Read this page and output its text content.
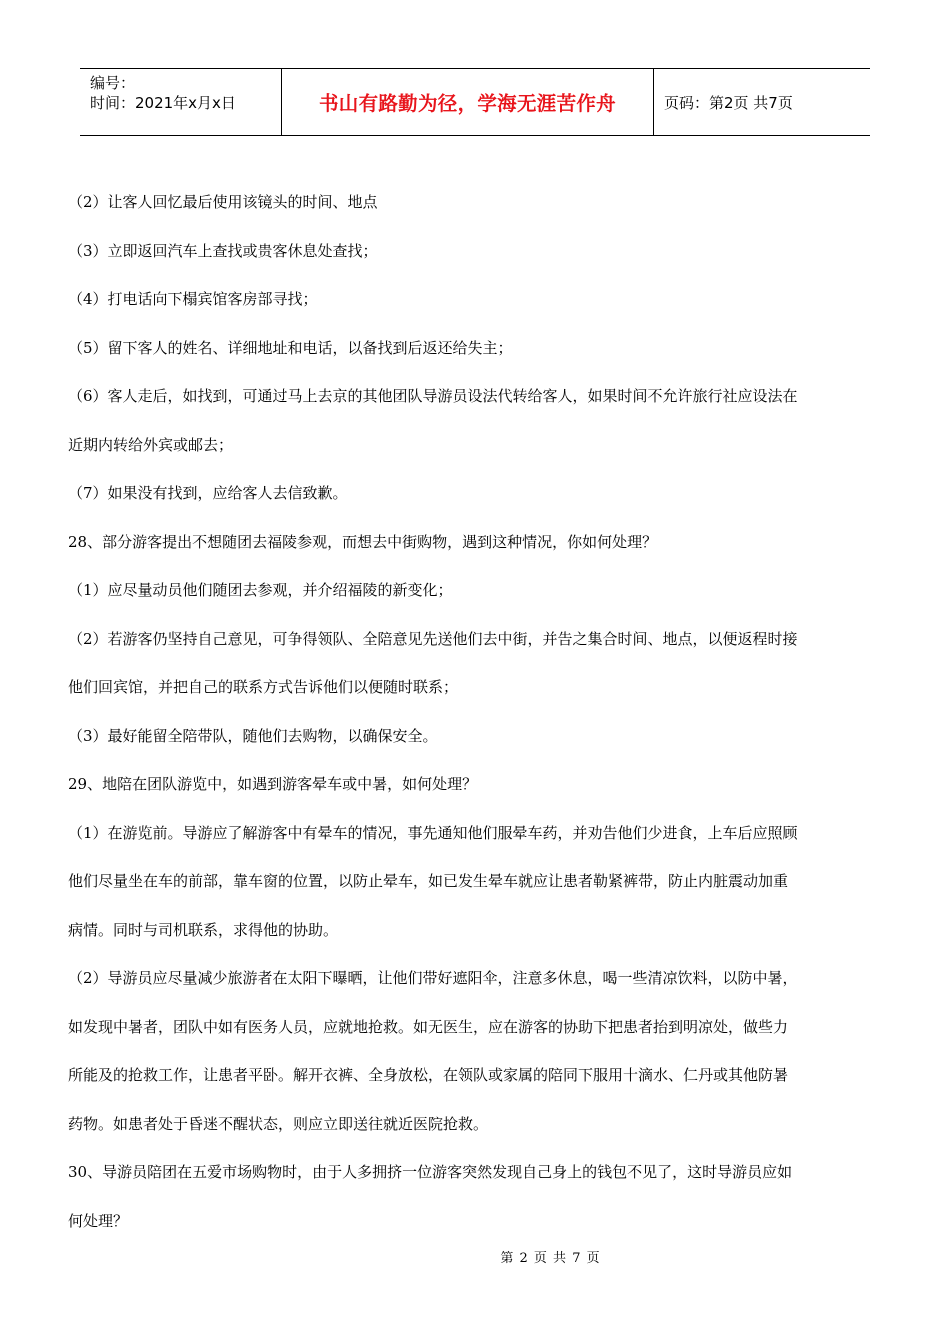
编号：
时间：2021年x月x日	书山有路勤为径，学海无涯苦作舟	页码：第2页 共7页

（2）让客人回忆最后使用该镜头的时间、地点

（3）立即返回汽车上查找或贵客休息处查找；

（4）打电话向下榻宾馆客房部寻找；

（5）留下客人的姓名、详细地址和电话，以备找到后返还给失主；

（6）客人走后，如找到，可通过马上去京的其他团队导游员设法代转给客人，如果时间不允许旅行社应设法在

近期内转给外宾或邮去；

（7）如果没有找到，应给客人去信致歉。

28、部分游客提出不想随团去福陵参观，而想去中街购物，遇到这种情况，你如何处理？

（1）应尽量动员他们随团去参观，并介绍福陵的新变化；

（2）若游客仍坚持自己意见，可争得领队、全陪意见先送他们去中街，并告之集合时间、地点，以便返程时接

他们回宾馆，并把自己的联系方式告诉他们以便随时联系；

（3）最好能留全陪带队，随他们去购物，以确保安全。

29、地陪在团队游览中，如遇到游客晕车或中暑，如何处理？

（1）在游览前。导游应了解游客中有晕车的情况，事先通知他们服晕车药，并劝告他们少进食，上车后应照顾

他们尽量坐在车的前部，靠车窗的位置，以防止晕车，如已发生晕车就应让患者勒紧裤带，防止内脏震动加重

病情。同时与司机联系，求得他的协助。

（2）导游员应尽量减少旅游者在太阳下曝晒，让他们带好遮阳伞，注意多休息，喝一些清凉饮料，以防中暑，

如发现中暑者，团队中如有医务人员，应就地抢救。如无医生，应在游客的协助下把患者抬到明凉处，做些力

所能及的抢救工作，让患者平卧。解开衣裤、全身放松，在领队或家属的陪同下服用十滴水、仁丹或其他防暑

药物。如患者处于昏迷不醒状态，则应立即送往就近医院抢救。

30、导游员陪团在五爱市场购物时，由于人多拥挤一位游客突然发现自己身上的钱包不见了，这时导游员应如

何处理？

第 2 页 共 7 页
